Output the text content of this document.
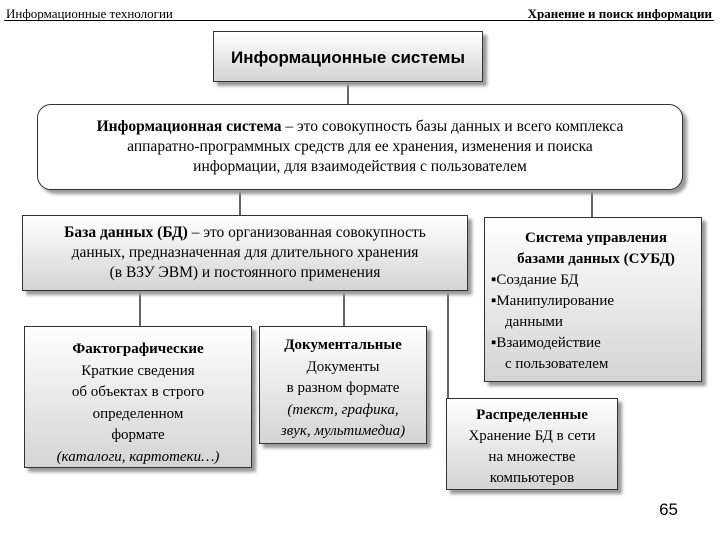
Информационные технологии	Хранение и поиск информации
Информационные системы
Информационная система – это совокупность базы данных и всего комплекса
аппаратно-программных средств для ее хранения, изменения и поиска
информации, для взаимодействия с пользователем
База данных (БД) – это организованная совокупность
данных, предназначенная для длительного хранения
(в ВЗУ ЭВМ) и постоянного применения
Фактографические
Краткие сведения
об объектах в строго
определенном
формате
(каталоги, картотеки…)
Документальные
Документы
в разном формате
(текст, графика,
звук, мультимедиа)
Система управления
базами данных (СУБД)
▪Создание БД
▪Манипулирование
данными
▪Взаимодействие
с пользователем
Распределенные
Хранение БД в сети
на множестве
компьютеров
65
